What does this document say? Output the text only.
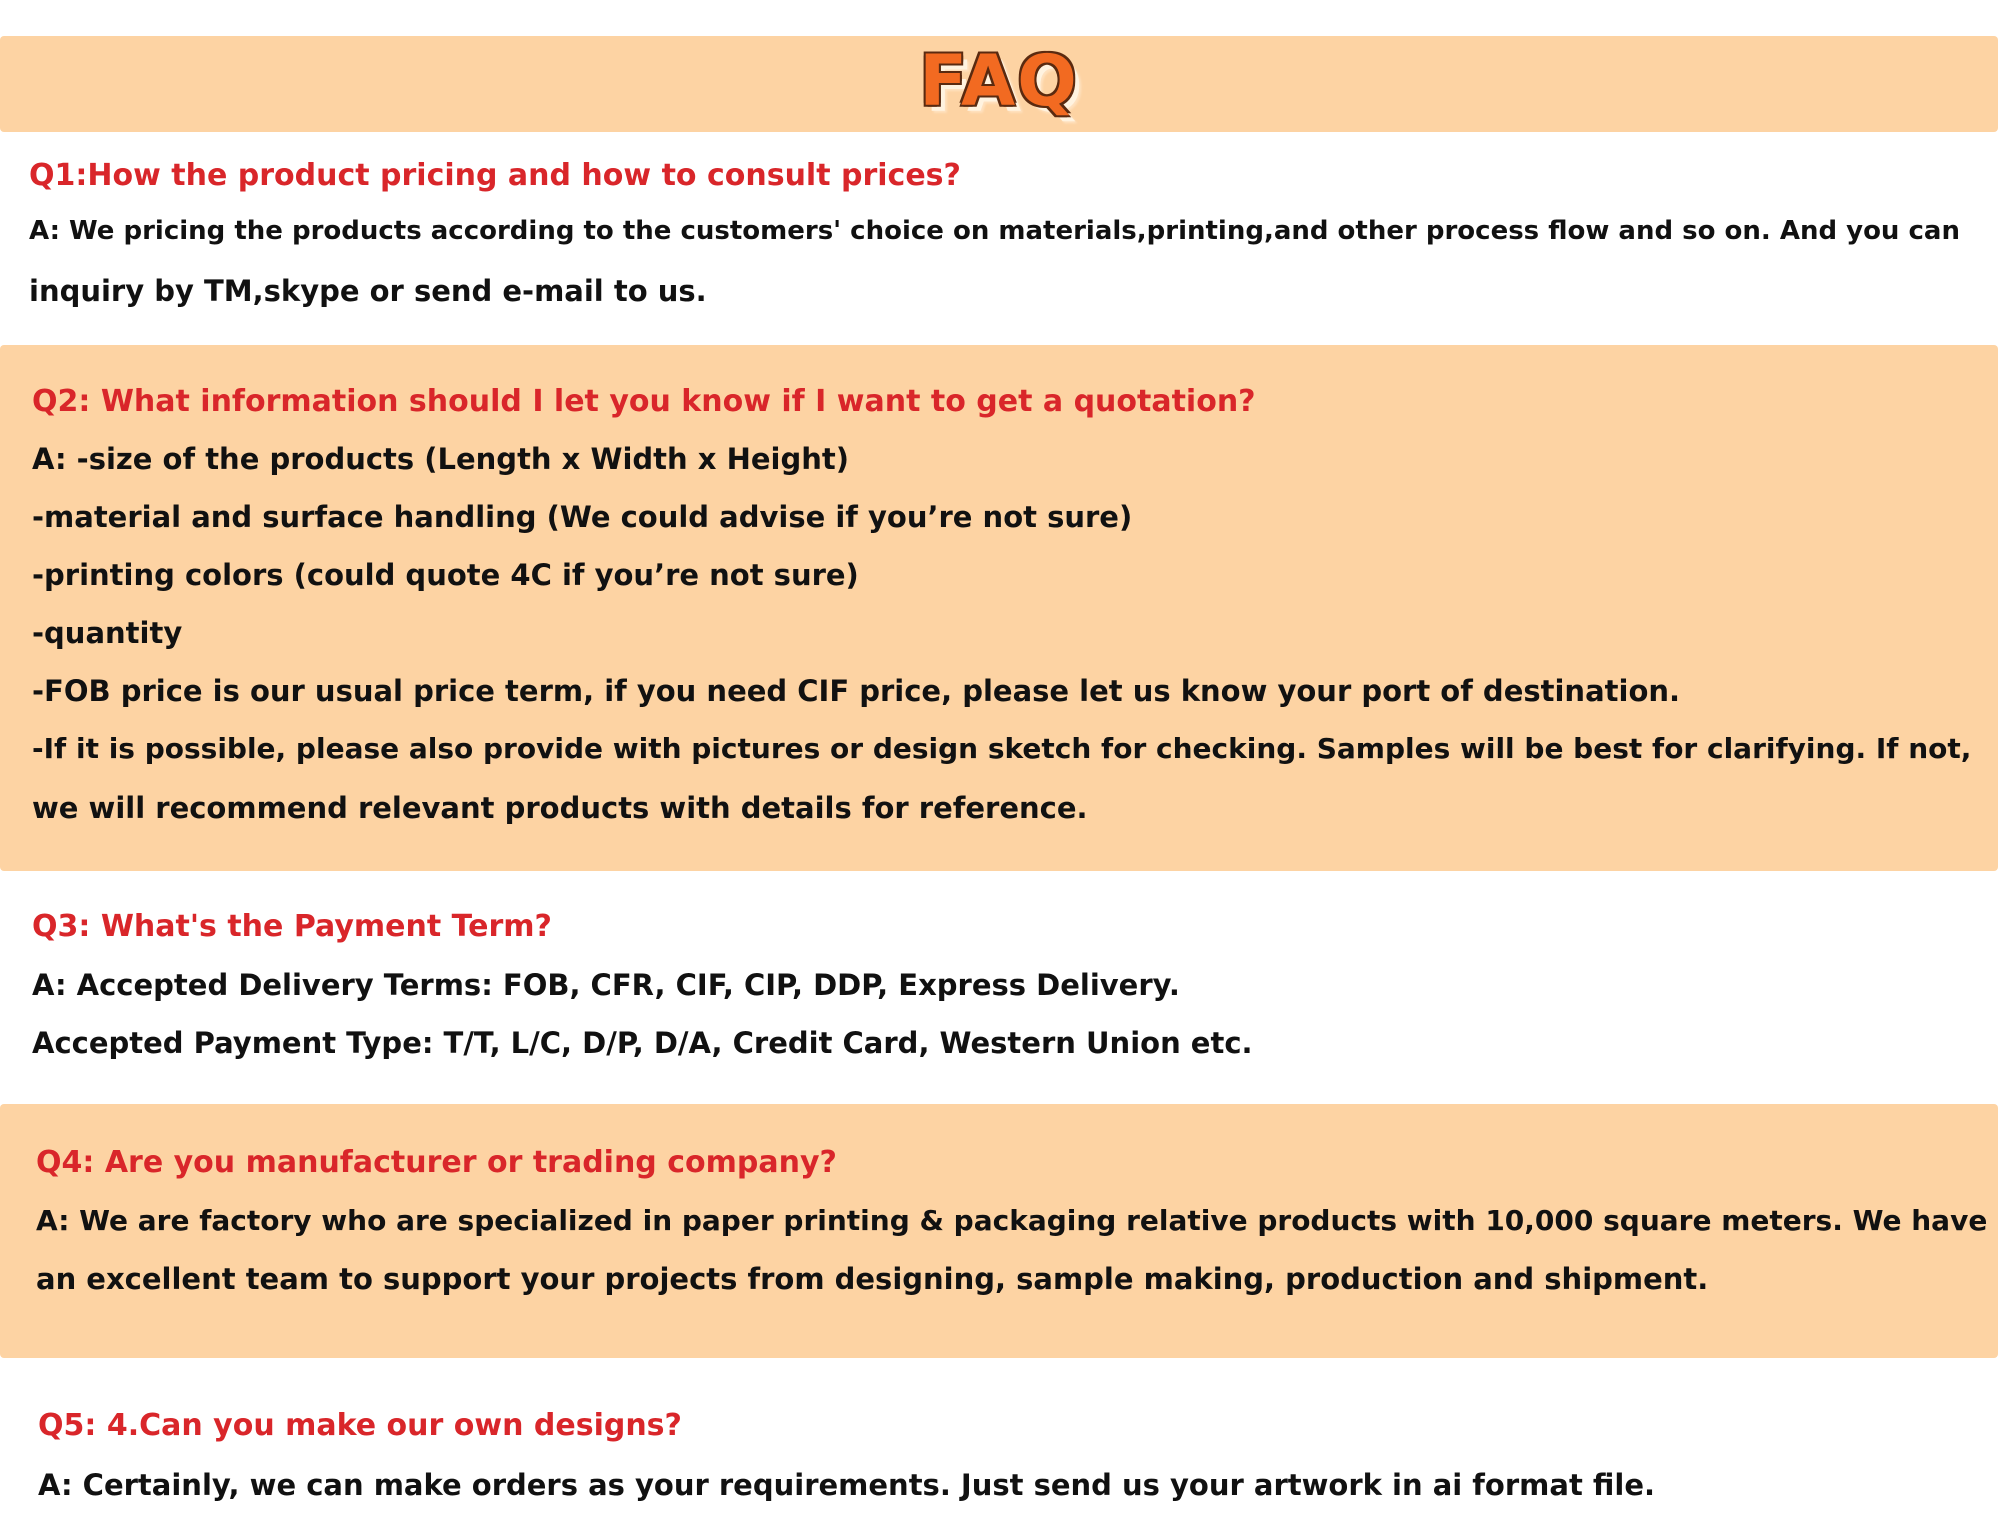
FAQ
Q1:How the product pricing and how to consult prices?
A: We pricing the products according to the customers' choice on materials,printing,and other process flow and so on. And you can
inquiry by TM,skype or send e-mail to us.
Q2: What information should I let you know if I want to get a quotation?
A: -size of the products (Length x Width x Height)
-material and surface handling (We could advise if you’re not sure)
-printing colors (could quote 4C if you’re not sure)
-quantity
-FOB price is our usual price term, if you need CIF price, please let us know your port of destination.
-If it is possible, please also provide with pictures or design sketch for checking. Samples will be best for clarifying. If not,
we will recommend relevant products with details for reference.
Q3: What's the Payment Term?
A: Accepted Delivery Terms: FOB, CFR, CIF, CIP, DDP, Express Delivery.
Accepted Payment Type: T/T, L/C, D/P, D/A, Credit Card, Western Union etc.
Q4: Are you manufacturer or trading company?
A: We are factory who are specialized in paper printing & packaging relative products with 10,000 square meters. We have
an excellent team to support your projects from designing, sample making, production and shipment.
Q5: 4.Can you make our own designs?
A: Certainly, we can make orders as your requirements. Just send us your artwork in ai format file.
